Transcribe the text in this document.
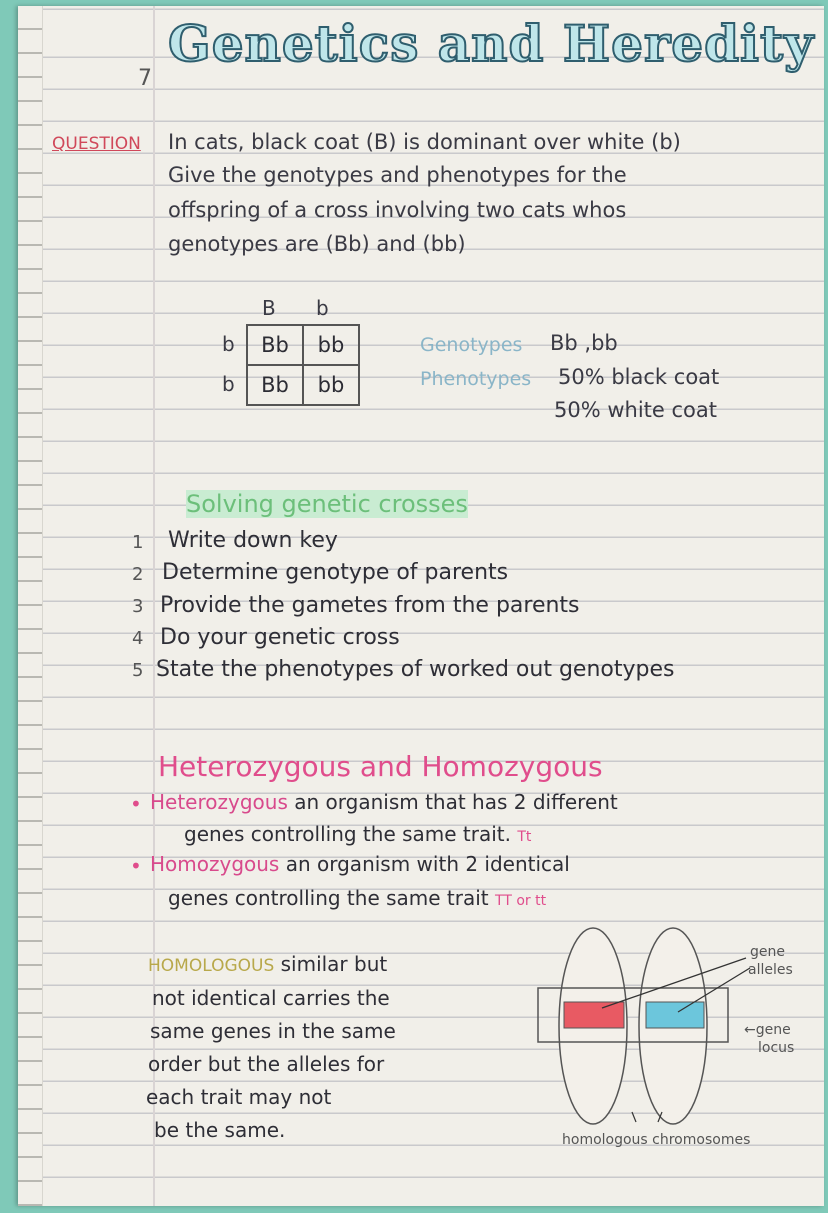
7
Genetics and Heredity
QUESTION In cats, black coat (B) is dominant over white (b)
Give the genotypes and phenotypes for the
offspring of a cross involving two cats whos
genotypes are (Bb) and (bb)
B b
b
b
Bb	bb
Bb	bb
Genotypes Bb ,bb
Phenotypes 50% black coat
50% white coat
Solving genetic crosses
1 Write down key
2 Determine genotype of parents
3 Provide the gametes from the parents
4 Do your genetic cross
5 State the phenotypes of worked out genotypes
Heterozygous and Homozygous
• Heterozygous an organism that has 2 different
genes controlling the same trait. Tt
• Homozygous an organism with 2 identical
genes controlling the same trait TT or tt
HOMOLOGOUS similar but
not identical carries the
same genes in the same
order but the alleles for
each trait may not
be the same.
gene
alleles
←gene
locus
homologous chromosomes
